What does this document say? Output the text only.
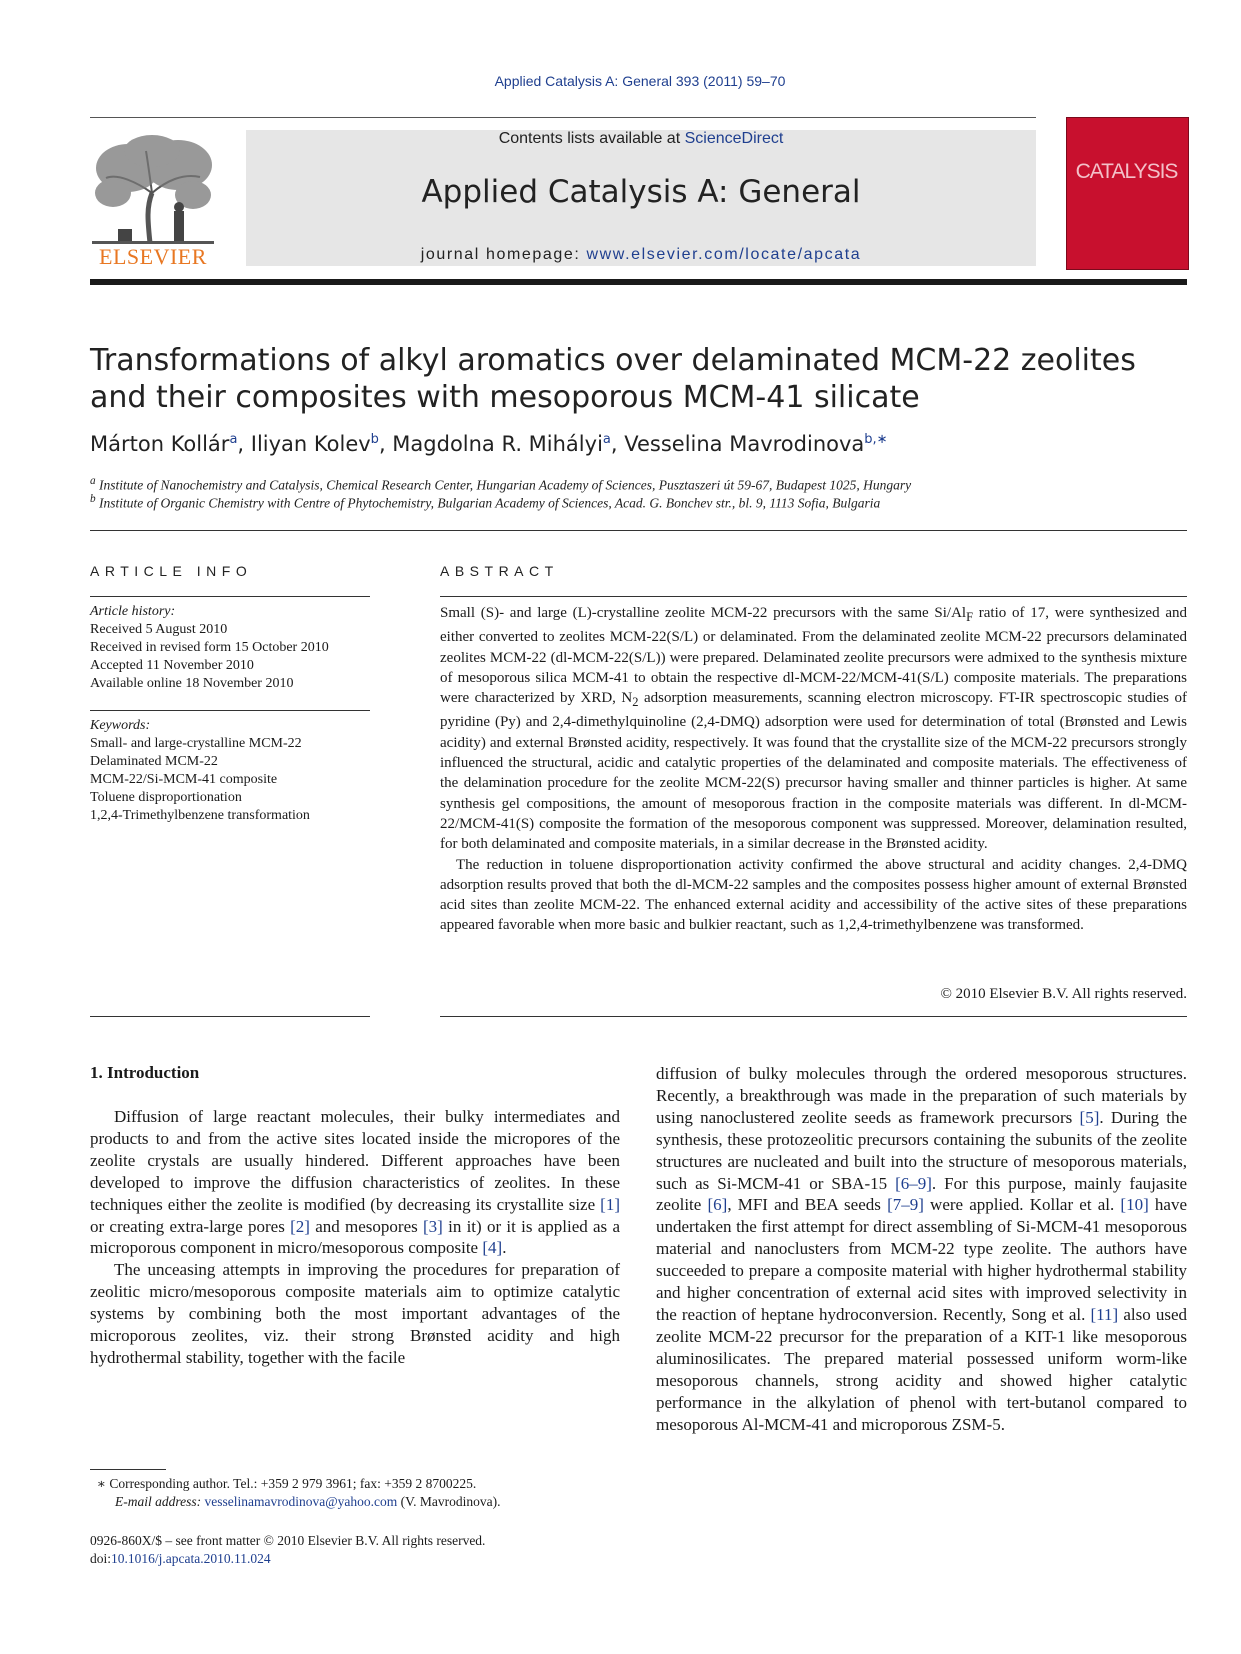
Applied Catalysis A: General 393 (2011) 59–70
ELSEVIER
Contents lists available at ScienceDirect
Applied Catalysis A: General
journal homepage: www.elsevier.com/locate/apcata
CATALYSIS
Transformations of alkyl aromatics over delaminated MCM-22 zeolites
and their composites with mesoporous MCM-41 silicate
Márton Kollár$^a$, Iliyan Kolev$^b$, Magdolna R. Mihályi$^a$, Vesselina Mavrodinova$^{b,∗}$
$^a$ Institute of Nanochemistry and Catalysis, Chemical Research Center, Hungarian Academy of Sciences, Pusztaszeri út 59-67, Budapest 1025, Hungary
$^b$ Institute of Organic Chemistry with Centre of Phytochemistry, Bulgarian Academy of Sciences, Acad. G. Bonchev str., bl. 9, 1113 Sofia, Bulgaria
ARTICLE INFO
Article history:
Received 5 August 2010
Received in revised form 15 October 2010
Accepted 11 November 2010
Available online 18 November 2010
Keywords:
Small- and large-crystalline MCM-22
Delaminated MCM-22
MCM-22/Si-MCM-41 composite
Toluene disproportionation
1,2,4-Trimethylbenzene transformation
ABSTRACT

Small (S)- and large (L)-crystalline zeolite MCM-22 precursors with the same $Si/Al_F$ ratio of 17, were synthesized and either converted to zeolites MCM-22(S/L) or delaminated. From the delaminated zeolite MCM-22 precursors delaminated zeolites MCM-22 (dl-MCM-22(S/L)) were prepared. Delaminated zeolite precursors were admixed to the synthesis mixture of mesoporous silica MCM-41 to obtain the respective dl-MCM-22/MCM-41(S/L) composite materials. The preparations were characterized by XRD, $N_2$ adsorption measurements, scanning electron microscopy. FT-IR spectroscopic studies of pyridine (Py) and 2,4-dimethylquinoline (2,4-DMQ) adsorption were used for determination of total (Brønsted and Lewis acidity) and external Brønsted acidity, respectively. It was found that the crystallite size of the MCM-22 precursors strongly influenced the structural, acidic and catalytic properties of the delaminated and composite materials. The effectiveness of the delamination procedure for the zeolite MCM-22(S) precursor having smaller and thinner particles is higher. At same synthesis gel compositions, the amount of mesoporous fraction in the composite materials was different. In dl-MCM-22/MCM-41(S) composite the formation of the mesoporous component was suppressed. Moreover, delamination resulted, for both delaminated and composite materials, in a similar decrease in the Brønsted acidity.

The reduction in toluene disproportionation activity confirmed the above structural and acidity changes. 2,4-DMQ adsorption results proved that both the dl-MCM-22 samples and the composites possess higher amount of external Brønsted acid sites than zeolite MCM-22. The enhanced external acidity and accessibility of the active sites of these preparations appeared favorable when more basic and bulkier reactant, such as 1,2,4-trimethylbenzene was transformed.

© 2010 Elsevier B.V. All rights reserved.
1. Introduction

Diffusion of large reactant molecules, their bulky intermediates and products to and from the active sites located inside the micropores of the zeolite crystals are usually hindered. Different approaches have been developed to improve the diffusion characteristics of zeolites. In these techniques either the zeolite is modified (by decreasing its crystallite size [1] or creating extra-large pores [2] and mesopores [3] in it) or it is applied as a microporous component in micro/mesoporous composite [4].

The unceasing attempts in improving the procedures for preparation of zeolitic micro/mesoporous composite materials aim to optimize catalytic systems by combining both the most important advantages of the microporous zeolites, viz. their strong Brønsted acidity and high hydrothermal stability, together with the facile

diffusion of bulky molecules through the ordered mesoporous structures. Recently, a breakthrough was made in the preparation of such materials by using nanoclustered zeolite seeds as framework precursors [5]. During the synthesis, these protozeolitic precursors containing the subunits of the zeolite structures are nucleated and built into the structure of mesoporous materials, such as Si-MCM-41 or SBA-15 [6–9]. For this purpose, mainly faujasite zeolite [6], MFI and BEA seeds [7–9] were applied. Kollar et al. [10] have undertaken the first attempt for direct assembling of Si-MCM-41 mesoporous material and nanoclusters from MCM-22 type zeolite. The authors have succeeded to prepare a composite material with higher hydrothermal stability and higher concentration of external acid sites with improved selectivity in the reaction of heptane hydroconversion. Recently, Song et al. [11] also used zeolite MCM-22 precursor for the preparation of a KIT-1 like mesoporous aluminosilicates. The prepared material possessed uniform worm-like mesoporous channels, strong acidity and showed higher catalytic performance in the alkylation of phenol with tert-butanol compared to mesoporous Al-MCM-41 and microporous ZSM-5.

∗ Corresponding author. Tel.: +359 2 979 3961; fax: +359 2 8700225.
E-mail address: vesselinamavrodinova@yahoo.com (V. Mavrodinova).
0926-860X/$ – see front matter © 2010 Elsevier B.V. All rights reserved.
doi:10.1016/j.apcata.2010.11.024
